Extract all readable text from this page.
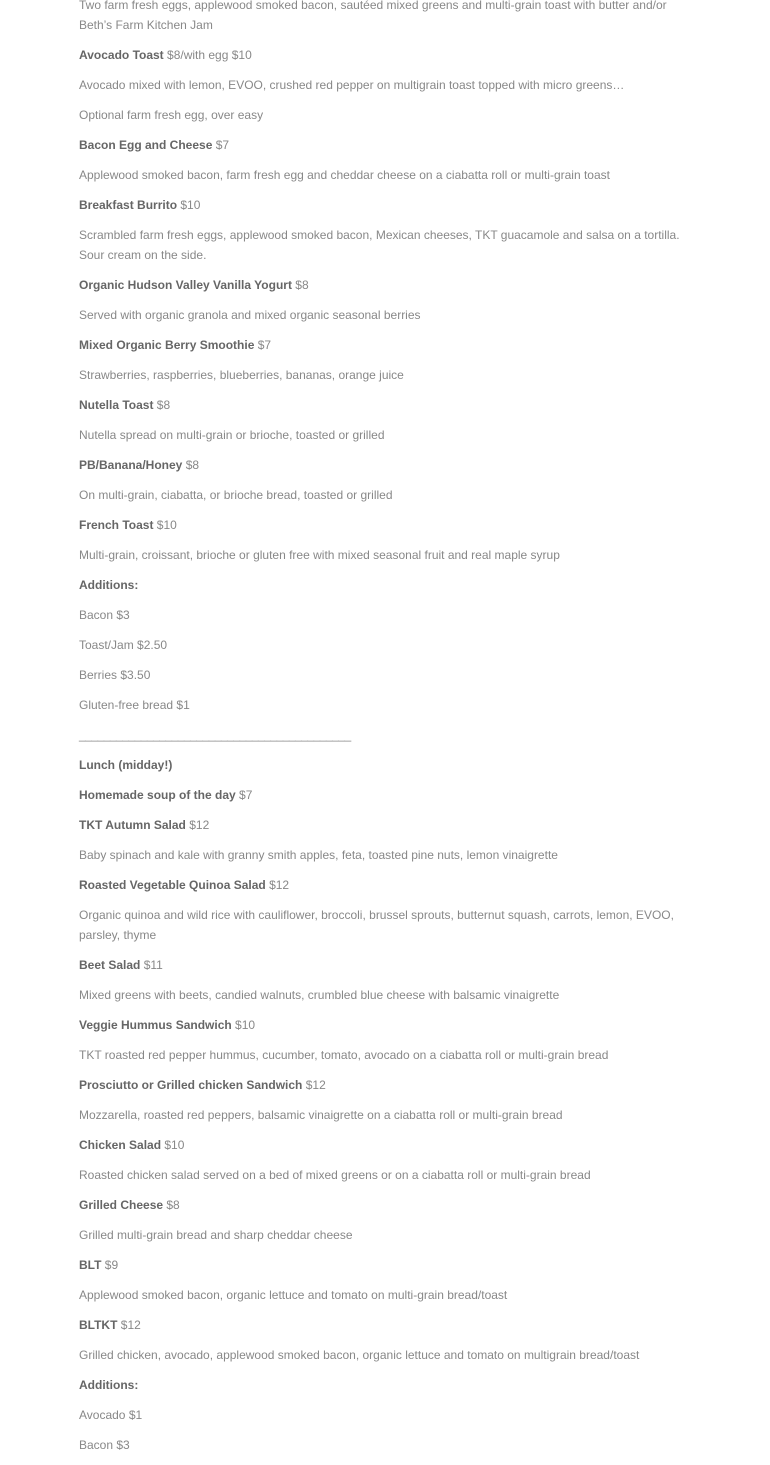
Two farm fresh eggs, applewood smoked bacon, sautéed mixed greens and multi-grain toast with butter and/or Beth’s Farm Kitchen Jam
Avocado Toast $8/with egg $10
Avocado mixed with lemon, EVOO, crushed red pepper on multigrain toast topped with micro greens…
Optional farm fresh egg, over easy
Bacon Egg and Cheese $7
Applewood smoked bacon, farm fresh egg and cheddar cheese on a ciabatta roll or multi-grain toast
Breakfast Burrito $10
Scrambled farm fresh eggs, applewood smoked bacon, Mexican cheeses, TKT guacamole and salsa on a tortilla. Sour cream on the side.
Organic Hudson Valley Vanilla Yogurt $8
Served with organic granola and mixed organic seasonal berries
Mixed Organic Berry Smoothie $7
Strawberries, raspberries, blueberries, bananas, orange juice
Nutella Toast $8
Nutella spread on multi-grain or brioche, toasted or grilled
PB/Banana/Honey $8
On multi-grain, ciabatta, or brioche bread, toasted or grilled
French Toast $10
Multi-grain, croissant, brioche or gluten free with mixed seasonal fruit and real maple syrup
Additions:
Bacon $3
Toast/Jam $2.50
Berries $3.50
Gluten-free bread $1
____________________________________________
Lunch (midday!)
Homemade soup of the day $7
TKT Autumn Salad $12
Baby spinach and kale with granny smith apples, feta, toasted pine nuts, lemon vinaigrette
Roasted Vegetable Quinoa Salad $12
Organic quinoa and wild rice with cauliflower, broccoli, brussel sprouts, butternut squash, carrots, lemon, EVOO, parsley, thyme
Beet Salad $11
Mixed greens with beets, candied walnuts, crumbled blue cheese with balsamic vinaigrette
Veggie Hummus Sandwich $10
TKT roasted red pepper hummus, cucumber, tomato, avocado on a ciabatta roll or multi-grain bread
Prosciutto or Grilled chicken Sandwich $12
Mozzarella, roasted red peppers, balsamic vinaigrette on a ciabatta roll or multi-grain bread
Chicken Salad $10
Roasted chicken salad served on a bed of mixed greens or on a ciabatta roll or multi-grain bread
Grilled Cheese $8
Grilled multi-grain bread and sharp cheddar cheese
BLT $9
Applewood smoked bacon, organic lettuce and tomato on multi-grain bread/toast
BLTKT $12
Grilled chicken, avocado, applewood smoked bacon, organic lettuce and tomato on multigrain bread/toast
Additions:
Avocado $1
Bacon $3
